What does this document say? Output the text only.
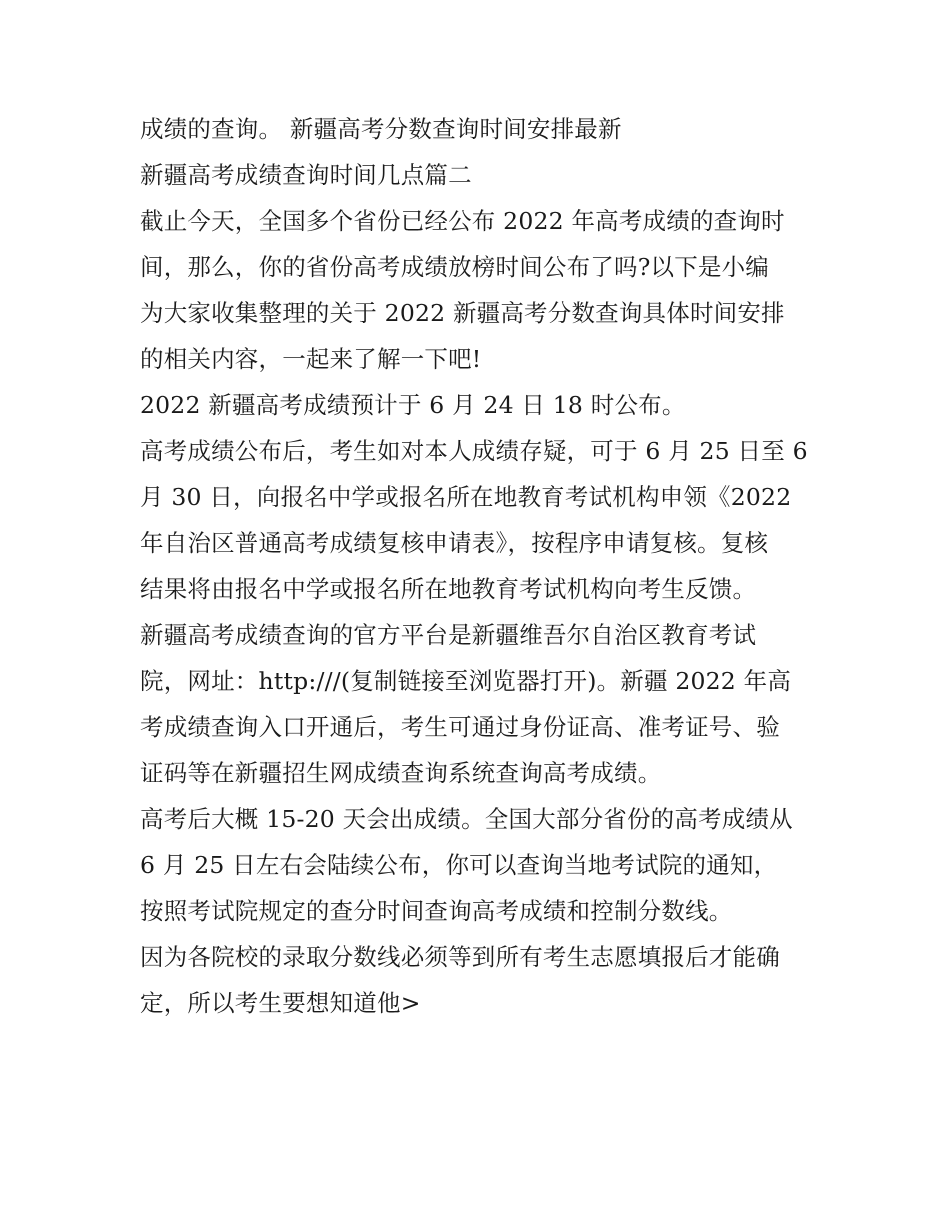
成绩的查询。 新疆高考分数查询时间安排最新
新疆高考成绩查询时间几点篇二
截止今天，全国多个省份已经公布 2022 年高考成绩的查询时
间，那么，你的省份高考成绩放榜时间公布了吗?以下是小编
为大家收集整理的关于 2022 新疆高考分数查询具体时间安排
的相关内容，一起来了解一下吧!
2022 新疆高考成绩预计于 6 月 24 日 18 时公布。
高考成绩公布后，考生如对本人成绩存疑，可于 6 月 25 日至 6
月 30 日，向报名中学或报名所在地教育考试机构申领《2022
年自治区普通高考成绩复核申请表》，按程序申请复核。复核
结果将由报名中学或报名所在地教育考试机构向考生反馈。
新疆高考成绩查询的官方平台是新疆维吾尔自治区教育考试
院，网址：http:///(复制链接至浏览器打开)。新疆 2022 年高
考成绩查询入口开通后，考生可通过身份证高、准考证号、验
证码等在新疆招生网成绩查询系统查询高考成绩。
高考后大概 15-20 天会出成绩。全国大部分省份的高考成绩从
6 月 25 日左右会陆续公布，你可以查询当地考试院的通知，
按照考试院规定的查分时间查询高考成绩和控制分数线。
因为各院校的录取分数线必须等到所有考生志愿填报后才能确
定，所以考生要想知道他>
